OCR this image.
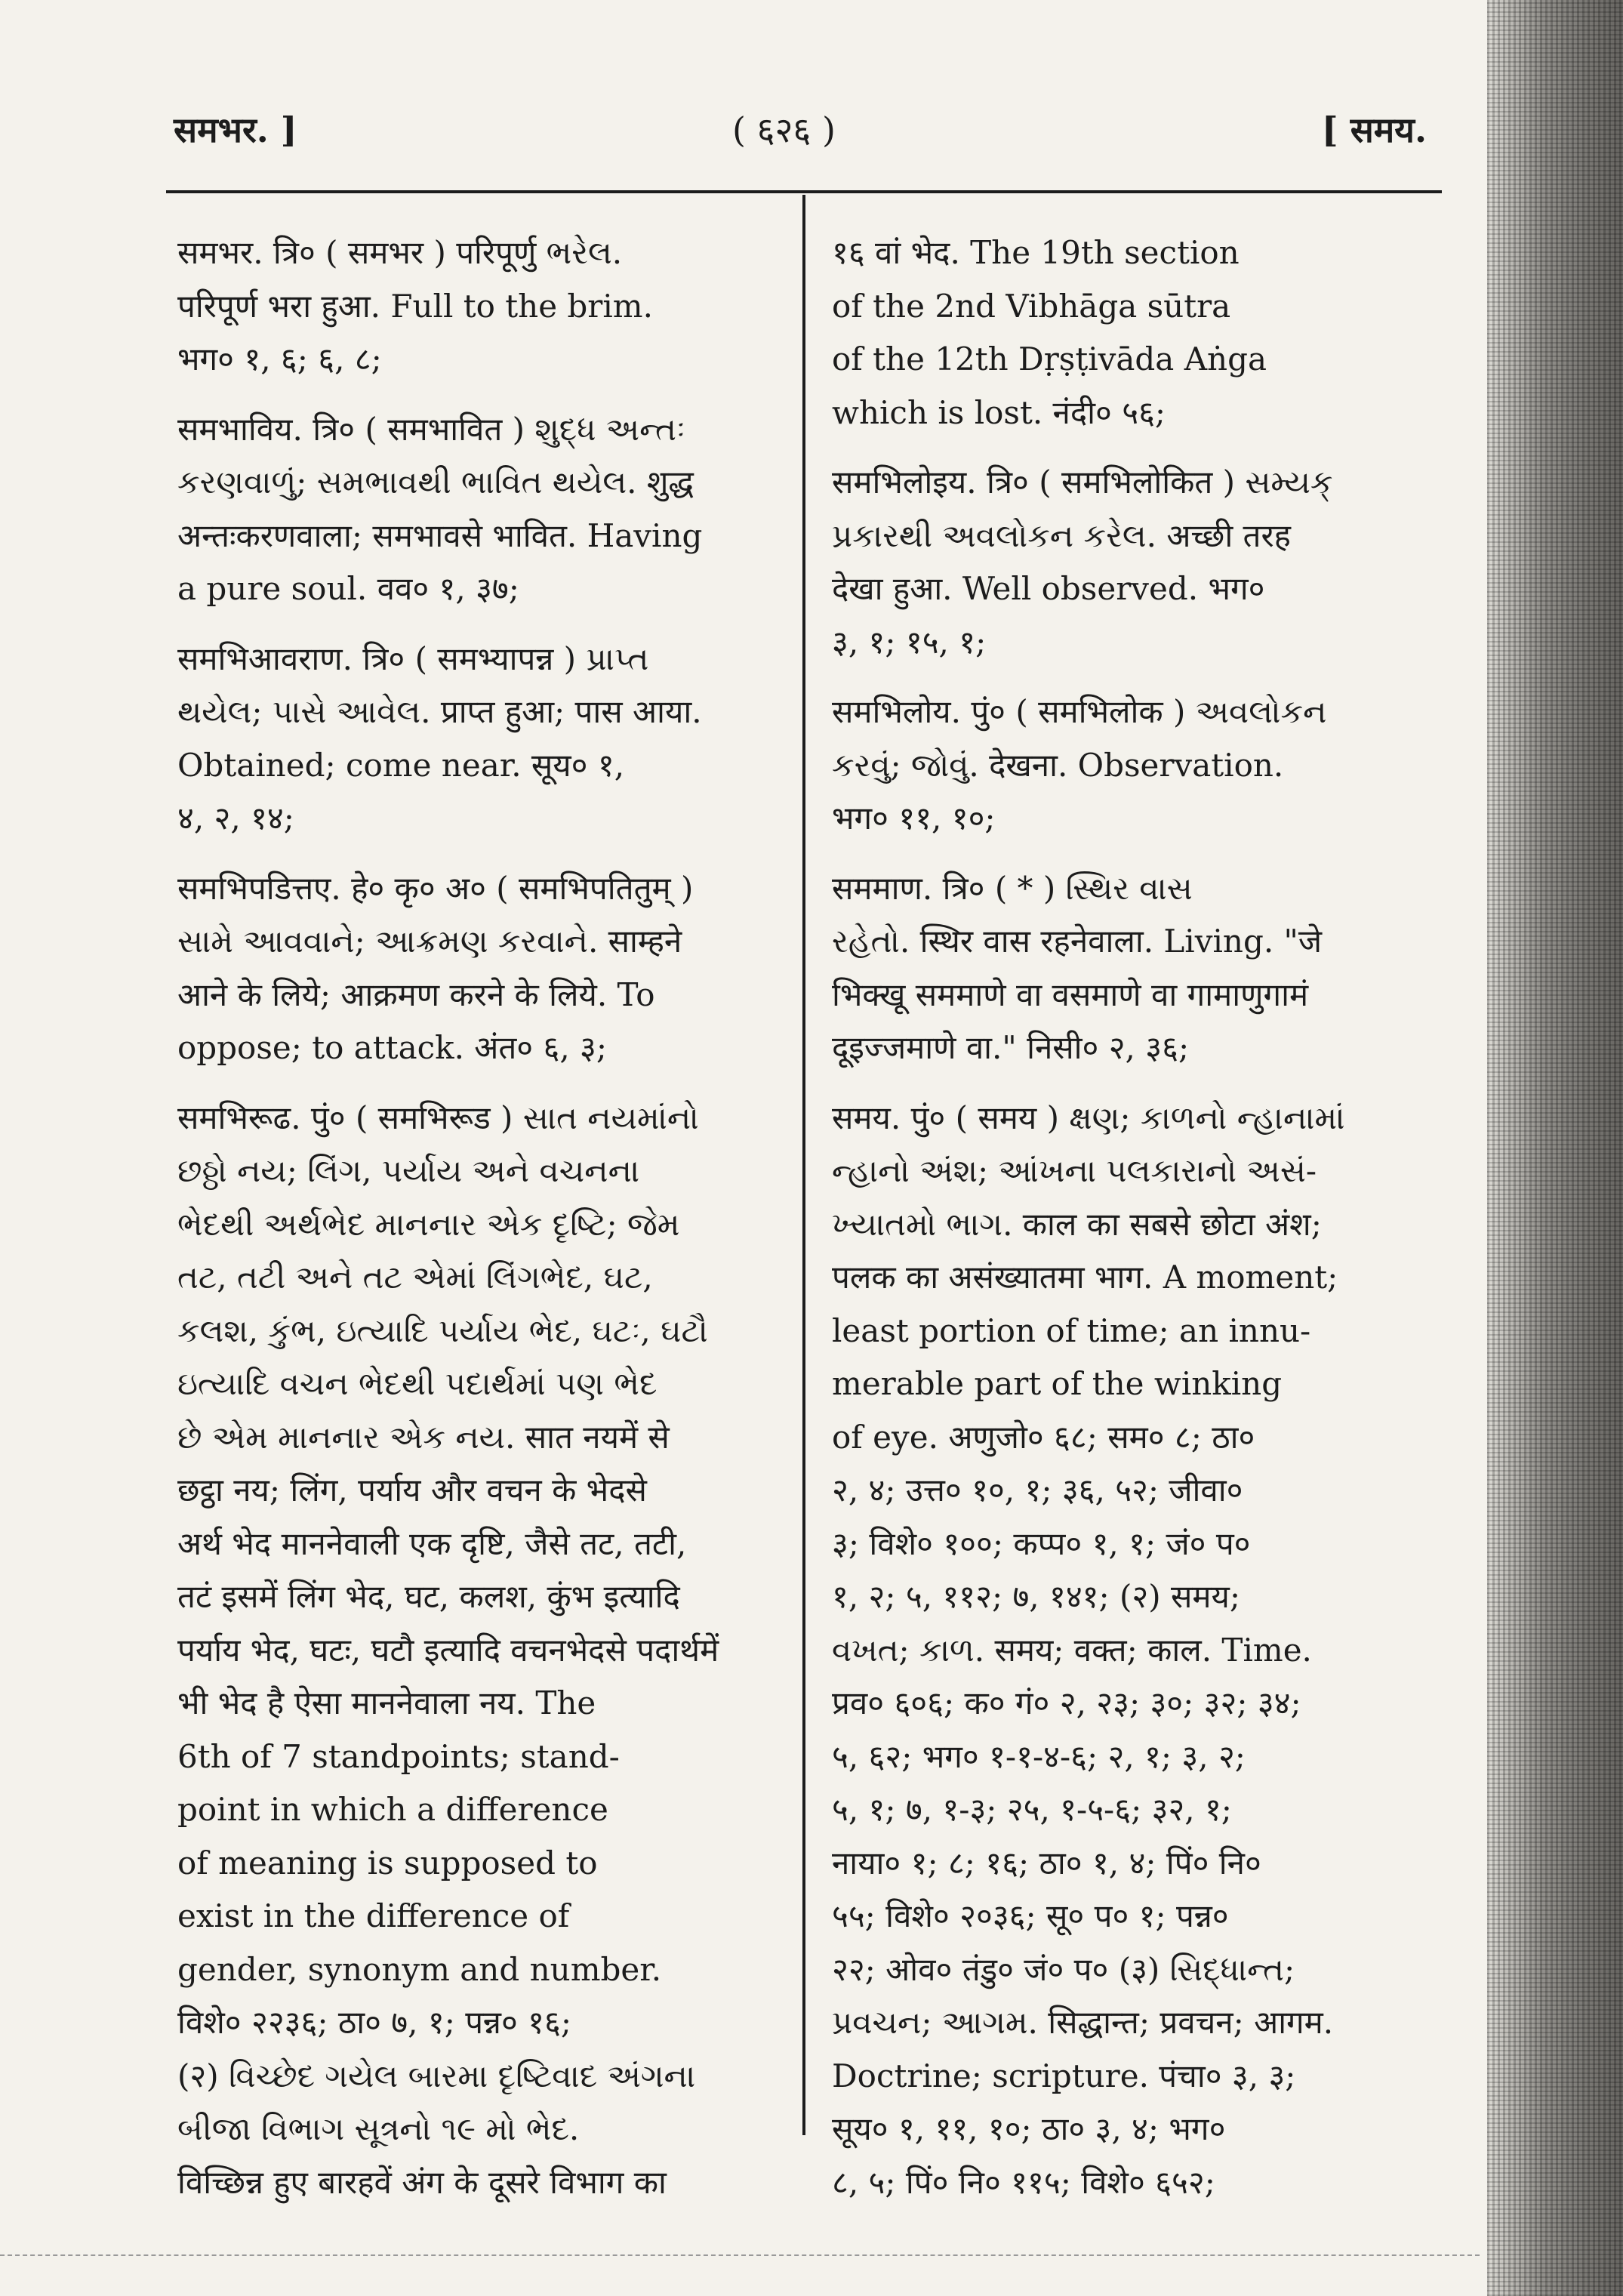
समभर. ]	( ६२६ )	[ समय.
समभर. त्रि० ( समभर ) परिपूर्णु ભરેલ.
परिपूर्ण भरा हुआ. Full to the brim.
भग० १, ६; ६, ८;
समभाविय. त्रि० ( समभावित ) શુદ્ધ અન્તઃ
કરણવાળું; સમભાવથી ભાવિત થયેલ. शुद्ध
अन्तःकरणवाला; समभावसे भावित. Having
a pure soul. वव० १, ३७;
समभिआवराण. त्रि० ( समभ्यापन्न ) પ્રાપ્ત
થયેલ; પાસે આવેલ. प्राप्त हुआ; पास आया.
Obtained; come near. सूय० १,
४, २, १४;
समभिपडित्तए. हे० कृ० अ० ( समभिपतितुम् )
સામે આવવાને; આક્રમણ કરવાને. साम्हने
आने के लिये; आक्रमण करने के लिये. To
oppose; to attack. अंत० ६, ३;
समभिरूढ. पुं० ( समभिरूड ) સાત નયમાંનો
છઠ્ઠો નય; લિંગ, પર્યાય અને વચનના
ભેદથી અર્થભેદ માનનાર એક દૃષ્ટિ; જેમ
તટ, તટી અને તટ એમાં લિંગભેદ, ઘટ,
કલશ, કુંભ, ઇત્યાદિ પર્યાય ભેદ, ઘટઃ, ઘટૌ
ઇત્યાદિ વચન ભેદથી પદાર્થમાં પણ ભેદ
છે એમ માનનાર એક નય. सात नयमें से
छट्ठा नय; लिंग, पर्याय और वचन के भेदसे
अर्थ भेद माननेवाली एक दृष्टि, जैसे तट, तटी,
तटं इसमें लिंग भेद, घट, कलश, कुंभ इत्यादि
पर्याय भेद, घटः, घटौ इत्यादि वचनभेदसे पदार्थमें
भी भेद है ऐसा माननेवाला नय. The
6th of 7 standpoints; stand-
point in which a difference
of meaning is supposed to
exist in the difference of
gender, synonym and number.
विशे० २२३६; ठा० ७, १; पन्न० १६;
(२) વિચ્છેદ ગયેલ બારમા દૃષ્ટિવાદ અંગના
બીજા વિભાગ સૂત્રનો ૧૯ મો ભેદ.
विच्छिन्न हुए बारहवें अंग के दूसरे विभाग का
१६ वां भेद. The 19th section
of the 2nd Vibhāga sūtra
of the 12th Dṛṣṭivāda Aṅga
which is lost. नंदी० ५६;
समभिलोइय. त्रि० ( समभिलोकित ) સમ્યક્
પ્રકારથી અવલોકન કરેલ. अच्छी तरह
देखा हुआ. Well observed. भग०
३, १; १५, १;
समभिलोय. पुं० ( समभिलोक ) અવલોકન
કરવું; જોવું. देखना. Observation.
भग० ११, १०;
सममाण. त्रि० ( * ) સ્થિર વાસ
રહેતો. स्थिर वास रहनेवाला. Living. "जे
भिक्खू सममाणे वा वसमाणे वा गामाणुगामं
दूइज्जमाणे वा." निसी० २, ३६;
समय. पुं० ( समय ) ક્ષણ; કાળનો ન્હાનામાં
ન્હાનો અંશ; આંખના પલકારાનો અસં-
ખ્યાતમો ભાગ. काल का सबसे छोटा अंश;
पलक का असंख्यातमा भाग. A moment;
least portion of time; an innu-
merable part of the winking
of eye. अणुजो० ६८; सम० ८; ठा०
२, ४; उत्त० १०, १; ३६, ५२; जीवा०
३; विशे० १००; कप्प० १, १; जं० प०
१, २; ५, ११२; ७, १४१; (२) समय;
વખત; કાળ. समय; वक्त; काल. Time.
प्रव० ६०६; क० गं० २, २३; ३०; ३२; ३४;
५, ६२; भग० १-१-४-६; २, १; ३, २;
५, १; ७, १-३; २५, १-५-६; ३२, १;
नाया० १; ८; १६; ठा० १, ४; पिं० नि०
५५; विशे० २०३६; सू० प० १; पन्न०
२२; ओव० तंडु० जं० प० (३) સિદ્ધાન્ત;
પ્રવચન; આગમ. सिद्धान्त; प्रवचन; आगम.
Doctrine; scripture. पंचा० ३, ३;
सूय० १, ११, १०; ठा० ३, ४; भग०
८, ५; पिं० नि० ११५; विशे० ६५२;
